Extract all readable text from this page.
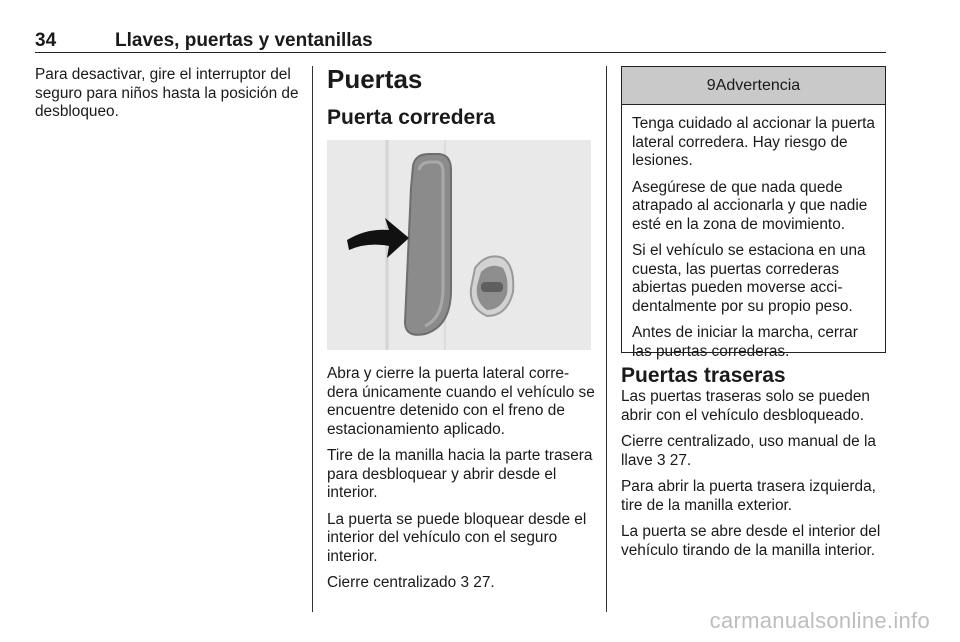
34	Llaves, puertas y ventanillas

Para desactivar, gire el interruptor del seguro para niños hasta la posición de desbloqueo.

Puertas
Puerta corredera

Abra y cierre la puerta lateral corre-dera únicamente cuando el vehículo se encuentre detenido con el freno de estacionamiento aplicado.

Tire de la manilla hacia la parte trasera para desbloquear y abrir desde el interior.

La puerta se puede bloquear desde el interior del vehículo con el seguro interior.

Cierre centralizado 3 27.

9 Advertencia

Tenga cuidado al accionar la puerta lateral corredera. Hay riesgo de lesiones.

Asegúrese de que nada quede atrapado al accionarla y que nadie esté en la zona de movimiento.

Si el vehículo se estaciona en una cuesta, las puertas correderas abiertas pueden moverse acci-dentalmente por su propio peso.

Antes de iniciar la marcha, cerrar las puertas correderas.

Puertas traseras

Las puertas traseras solo se pueden abrir con el vehículo desbloqueado.

Cierre centralizado, uso manual de la llave 3 27.

Para abrir la puerta trasera izquierda, tire de la manilla exterior.

La puerta se abre desde el interior del vehículo tirando de la manilla interior.

carmanualsonline.info
